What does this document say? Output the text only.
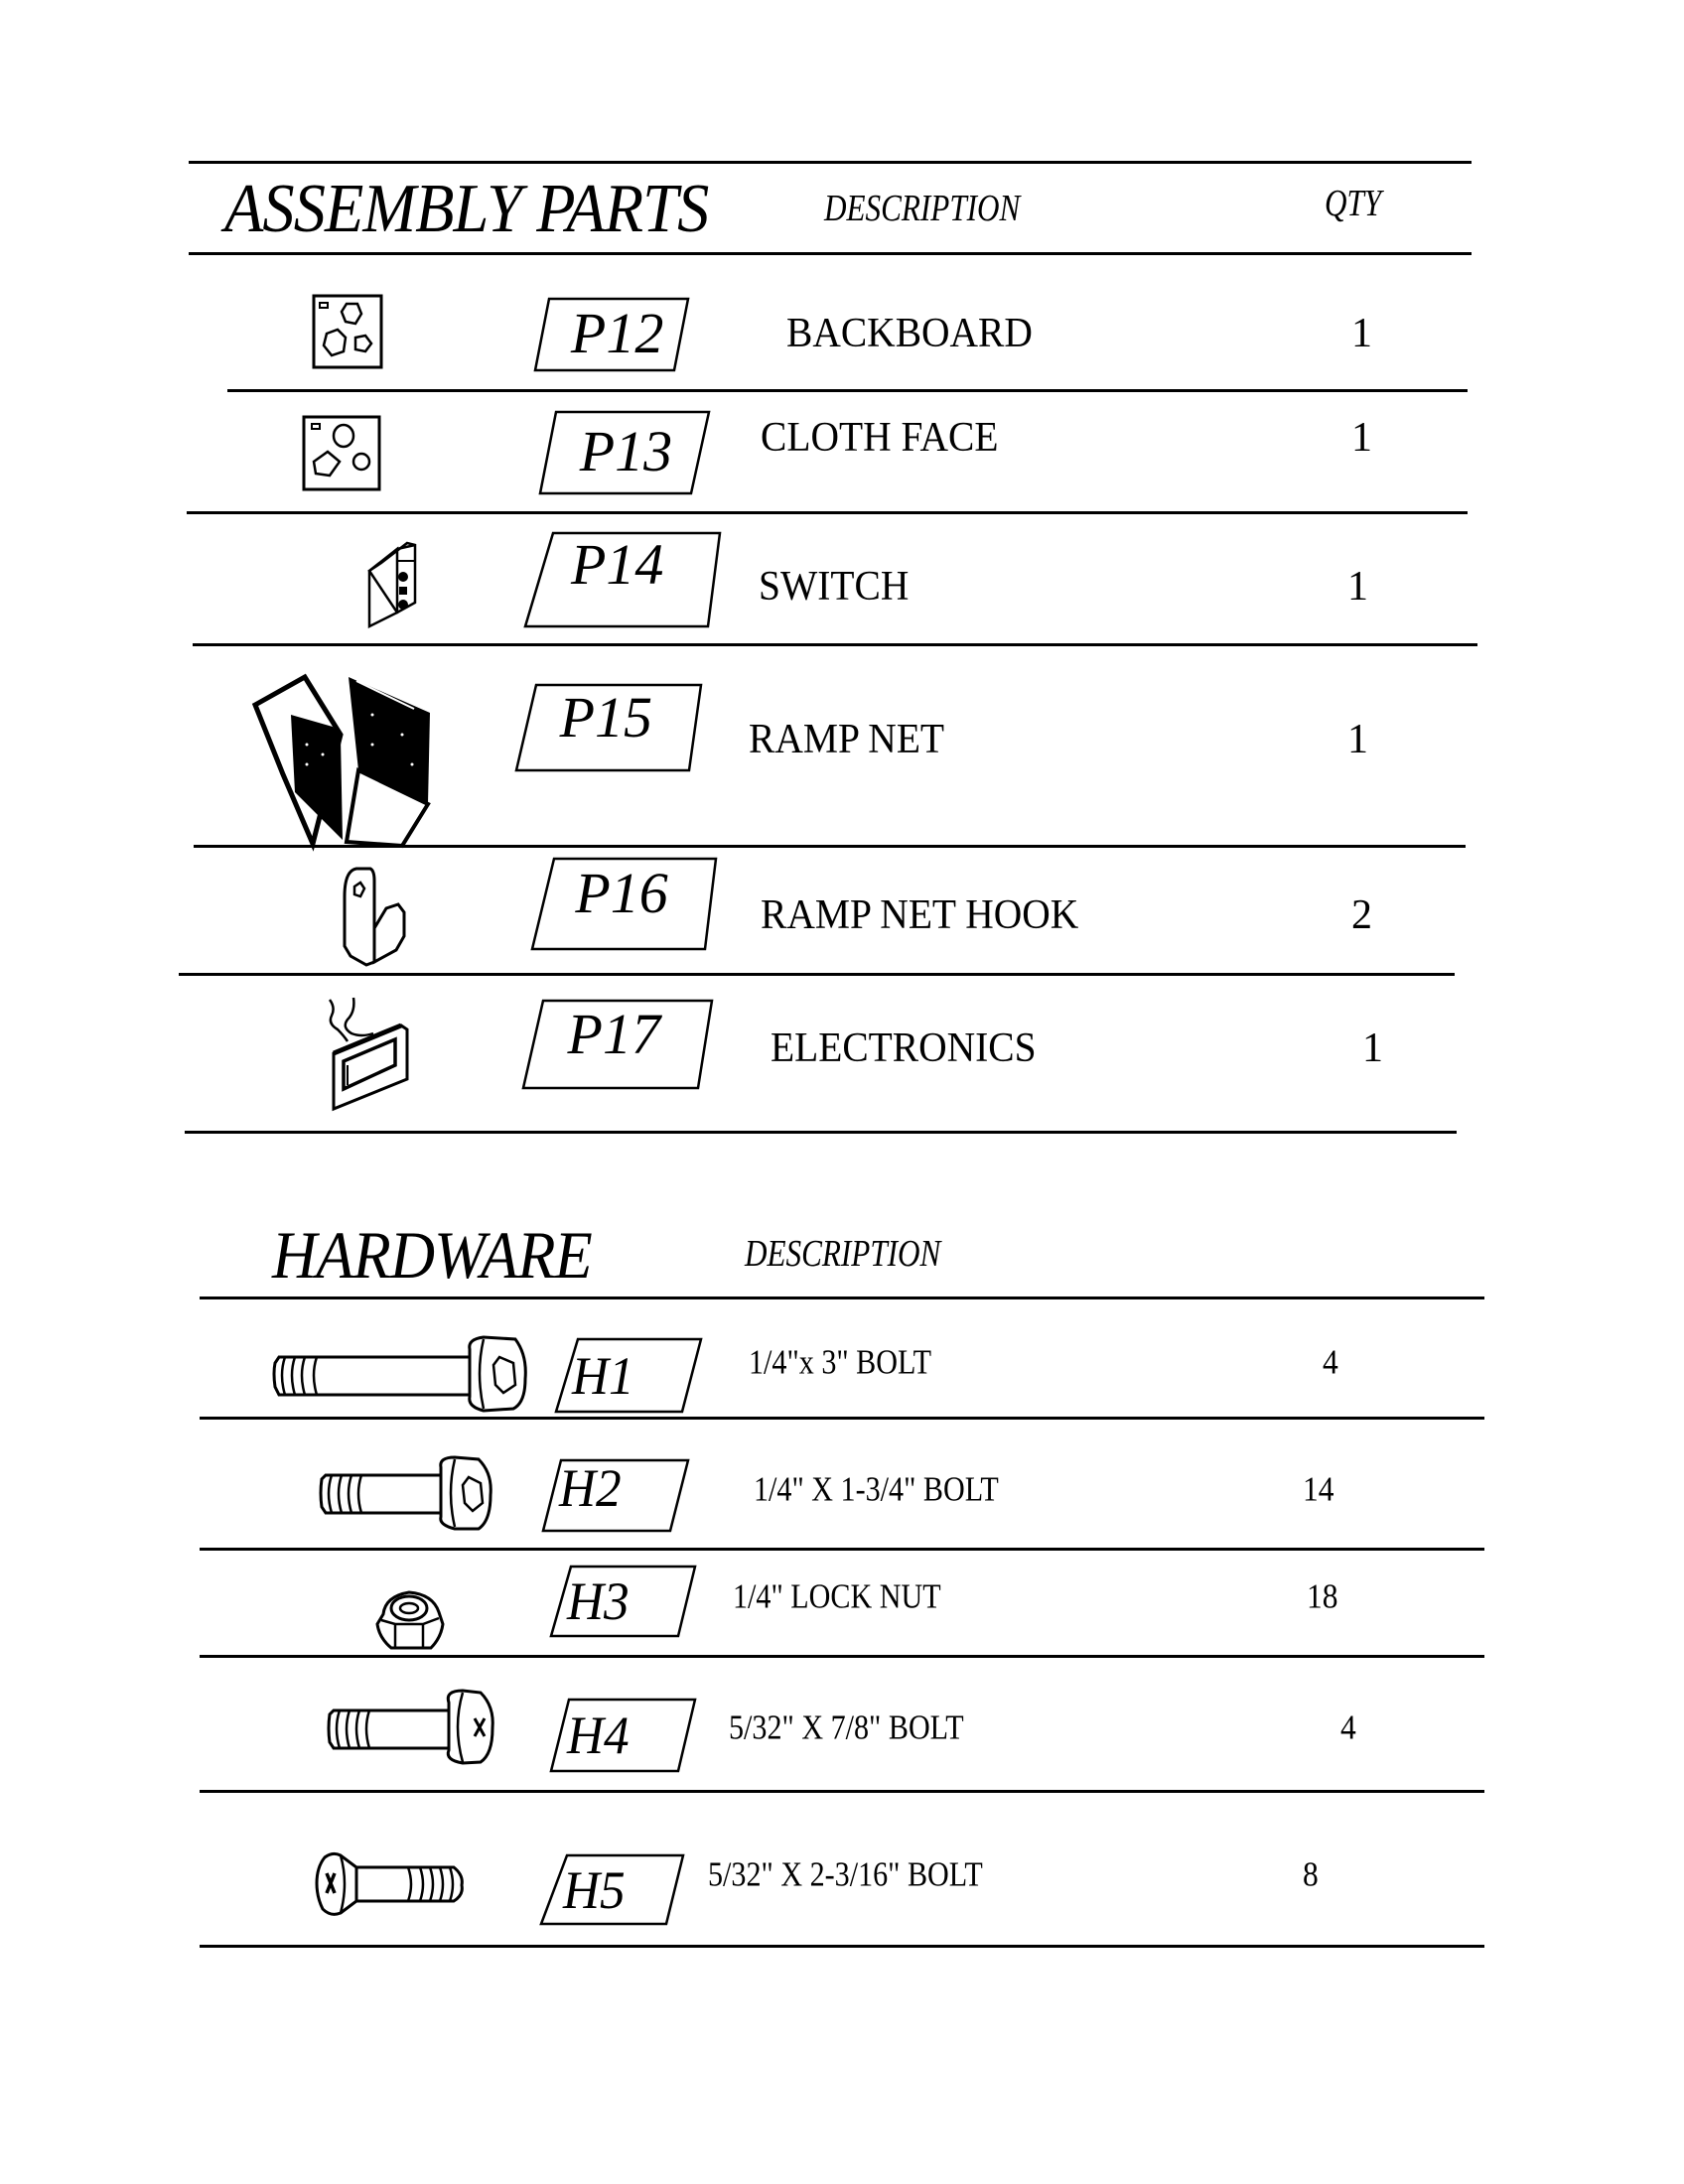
ASSEMBLY PARTS	DESCRIPTION	QTY
P12	BACKBOARD	1
P13 CLOTH FACE	1
P14 SWITCH	1
P15 RAMP NET	1
P16 RAMP NET HOOK	2
P17	ELECTRONICS	1
HARDWARE	DESCRIPTION
H1	1/4"x 3" BOLT	4
H2	1/4" X 1-3/4" BOLT	14
H3	1/4" LOCK NUT	18
H4	5/32" X 7/8" BOLT	4
H5 5/32" X 2-3/16" BOLT	8
